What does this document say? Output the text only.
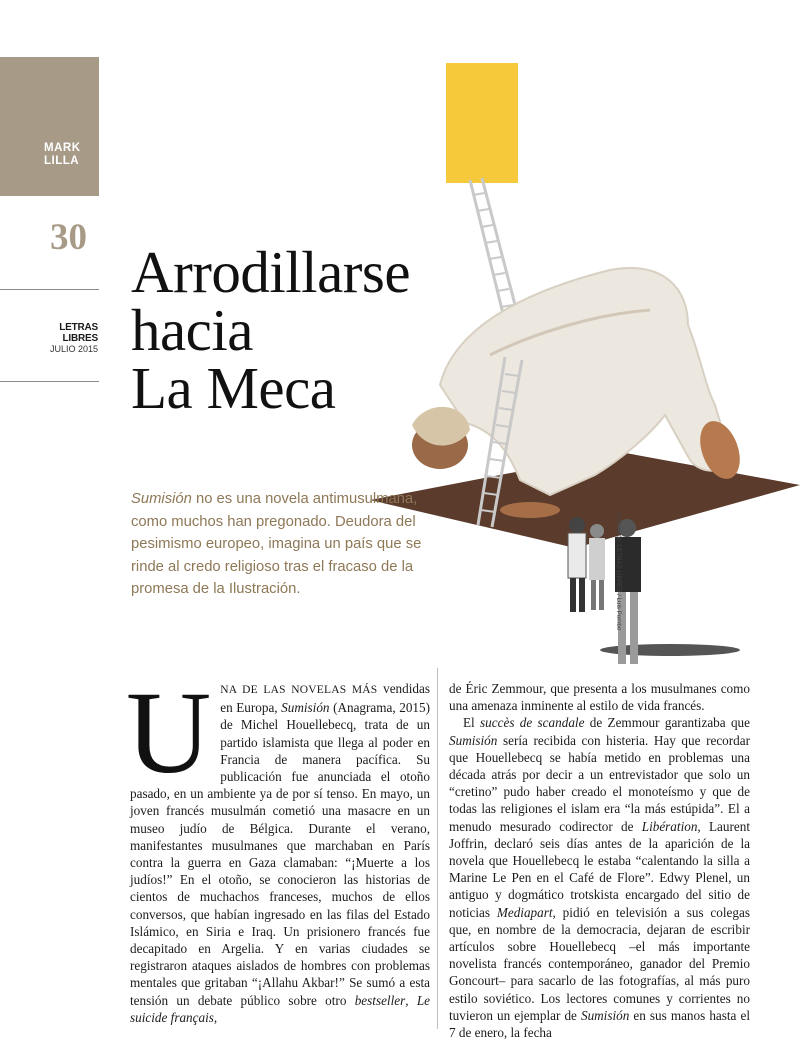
MARK LILLA
30
LETRAS LIBRES
JULIO 2015
Ilustración: LETRAS LIBRES / Luis Pombo
Arrodillarse
hacia
La Meca

Sumisión no es una novela antimusulmana, como muchos han pregonado. Deudora del pesimismo europeo, imagina un país que se rinde al credo religioso tras el fracaso de la promesa de la Ilustración.

UNA DE LAS NOVELAS MÁS vendidas en Europa, Sumisión (Anagrama, 2015) de Michel Houellebecq, trata de un partido islamista que llega al poder en Francia de manera pacífica. Su publicación fue anunciada el otoño pasado, en un ambiente ya de por sí tenso. En mayo, un joven francés musulmán cometió una masacre en un museo judío de Bélgica. Durante el verano, manifestantes musulmanes que marchaban en París contra la guerra en Gaza clamaban: “¡Muerte a los judíos!” En el otoño, se conocieron las historias de cientos de muchachos franceses, muchos de ellos conversos, que habían ingresado en las filas del Estado Islámico, en Siria e Iraq. Un prisionero francés fue decapitado en Argelia. Y en varias ciudades se registraron ataques aislados de hombres con problemas mentales que gritaban “¡Allahu Akbar!” Se sumó a esta tensión un debate público sobre otro bestseller, Le suicide français,

de Éric Zemmour, que presenta a los musulmanes como una amenaza inminente al estilo de vida francés.

El succès de scandale de Zemmour garantizaba que Sumisión sería recibida con histeria. Hay que recordar que Houellebecq se había metido en problemas una década atrás por decir a un entrevistador que solo un “cretino” pudo haber creado el monoteísmo y que de todas las religiones el islam era “la más estúpida”. El a menudo mesurado codirector de Libération, Laurent Joffrin, declaró seis días antes de la aparición de la novela que Houellebecq le estaba “calentando la silla a Marine Le Pen en el Café de Flore”. Edwy Plenel, un antiguo y dogmático trotskista encargado del sitio de noticias Mediapart, pidió en televisión a sus colegas que, en nombre de la democracia, dejaran de escribir artículos sobre Houellebecq –el más importante novelista francés contemporáneo, ganador del Premio Goncourt– para sacarlo de las fotografías, al más puro estilo soviético. Los lectores comunes y corrientes no tuvieron un ejemplar de Sumisión en sus manos hasta el 7 de enero, la fecha
